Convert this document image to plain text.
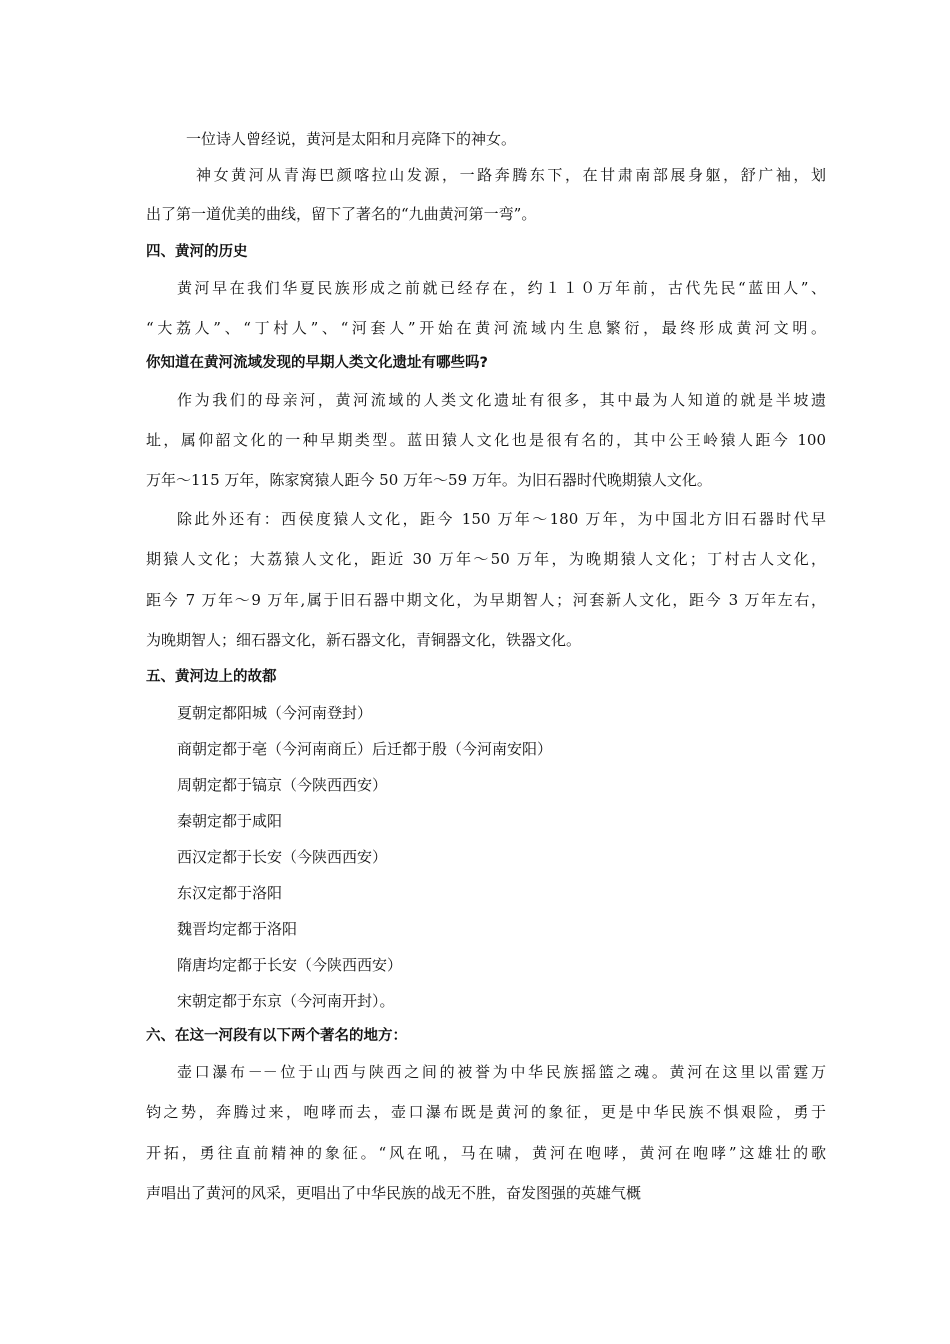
一位诗人曾经说，黄河是太阳和月亮降下的神女。
神女黄河从青海巴颜喀拉山发源，一路奔腾东下，在甘肃南部展身躯，舒广袖，划
出了第一道优美的曲线，留下了著名的“九曲黄河第一弯”。
四、黄河的历史
黄河早在我们华夏民族形成之前就已经存在，约１１０万年前，古代先民“蓝田人”、
“大荔人”、“丁村人”、“河套人”开始在黄河流域内生息繁衍，最终形成黄河文明。
你知道在黄河流域发现的早期人类文化遗址有哪些吗?
作为我们的母亲河，黄河流域的人类文化遗址有很多，其中最为人知道的就是半坡遗
址，属仰韶文化的一种早期类型。蓝田猿人文化也是很有名的，其中公王岭猿人距今 100
万年～115 万年，陈家窝猿人距今 50 万年～59 万年。为旧石器时代晚期猿人文化。
除此外还有：西侯度猿人文化，距今 150 万年～180 万年，为中国北方旧石器时代早
期猿人文化；大荔猿人文化，距近 30 万年～50 万年，为晚期猿人文化；丁村古人文化，
距今 7 万年～9 万年,属于旧石器中期文化，为早期智人；河套新人文化，距今 3 万年左右，
为晚期智人；细石器文化，新石器文化，青铜器文化，铁器文化。
五、黄河边上的故都
夏朝定都阳城（今河南登封）
商朝定都于亳（今河南商丘）后迁都于殷（今河南安阳）
周朝定都于镐京（今陕西西安）
秦朝定都于咸阳
西汉定都于长安（今陕西西安）
东汉定都于洛阳
魏晋均定都于洛阳
隋唐均定都于长安（今陕西西安）
宋朝定都于东京（今河南开封）。
六、在这一河段有以下两个著名的地方：
壶口瀑布－－位于山西与陕西之间的被誉为中华民族摇篮之魂。黄河在这里以雷霆万
钧之势，奔腾过来，咆哮而去，壶口瀑布既是黄河的象征，更是中华民族不惧艰险，勇于
开拓，勇往直前精神的象征。“风在吼，马在啸，黄河在咆哮，黄河在咆哮”这雄壮的歌
声唱出了黄河的风采，更唱出了中华民族的战无不胜，奋发图强的英雄气概
